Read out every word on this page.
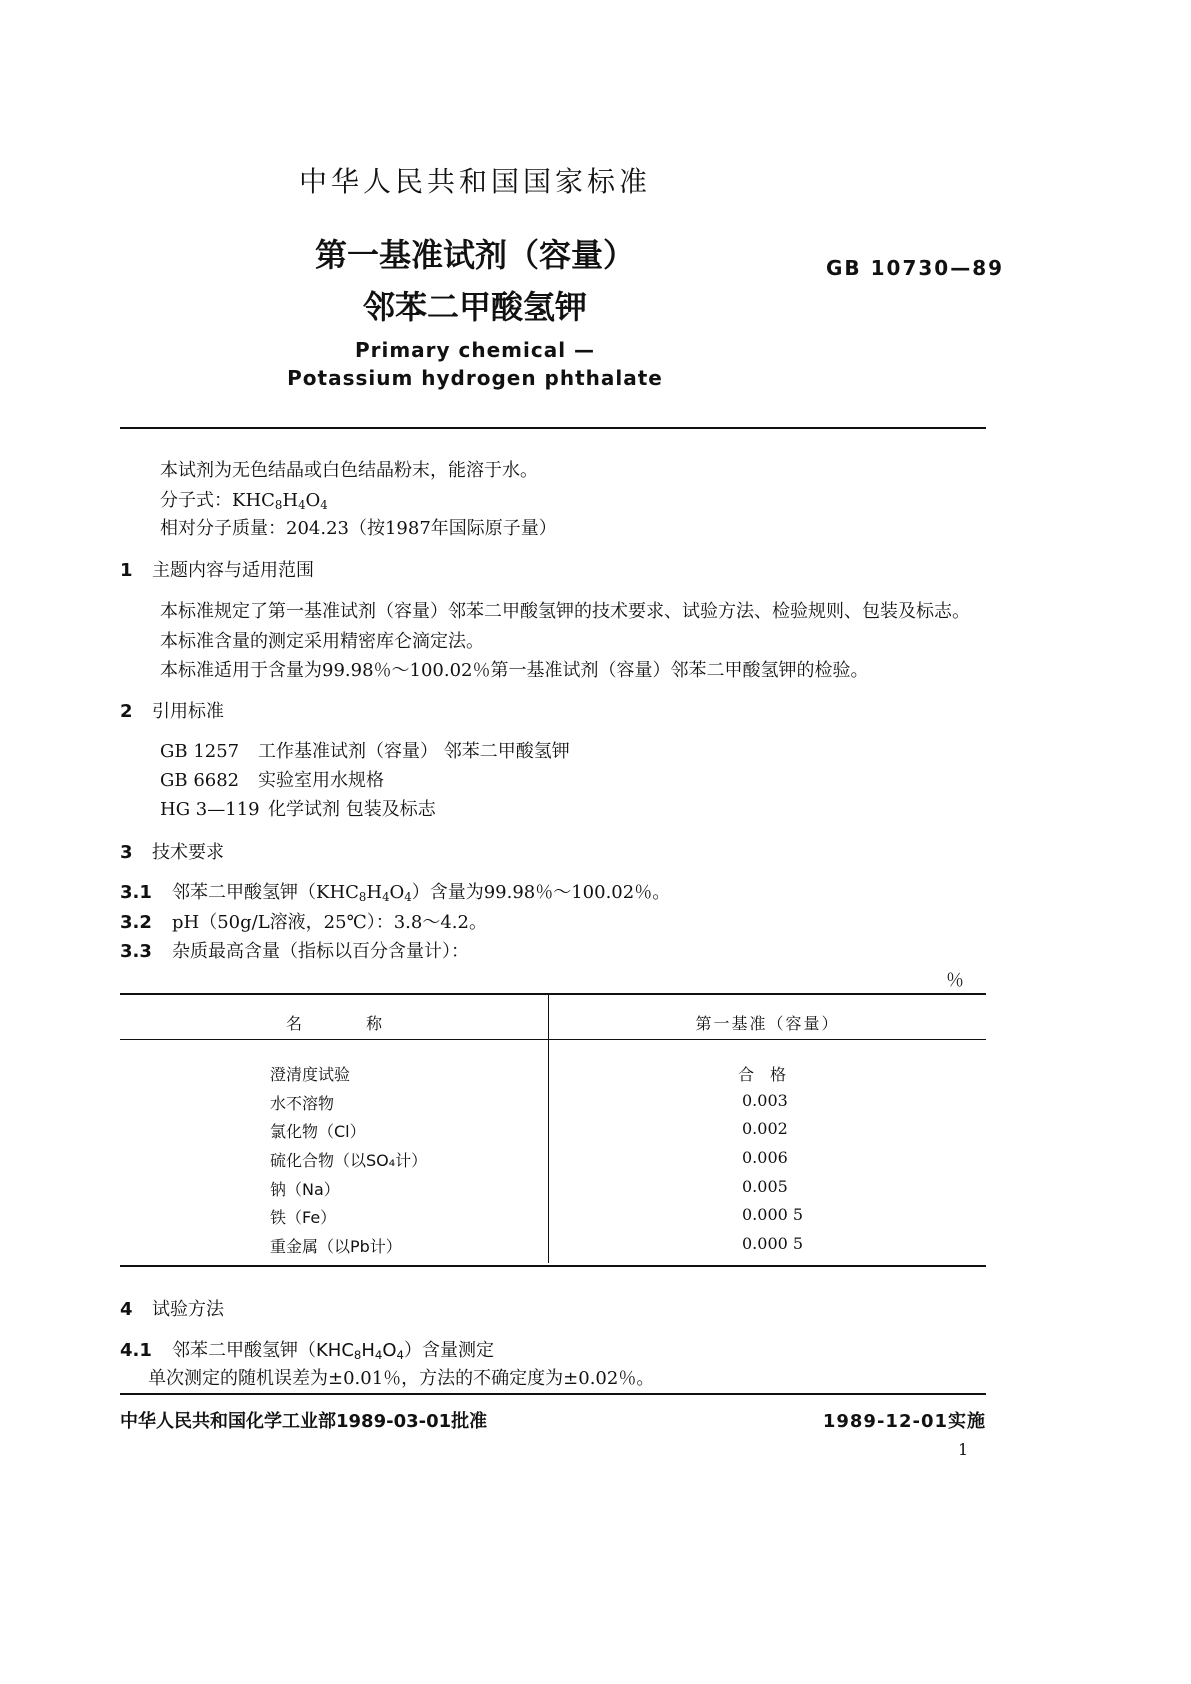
中华人民共和国国家标准
第一基准试剂（容量）
邻苯二甲酸氢钾
GB 10730—89
Primary chemical —
Potassium hydrogen phthalate
本试剂为无色结晶或白色结晶粉末，能溶于水。
分子式：$KHC_8H_4O_4$
相对分子质量：204.23（按1987年国际原子量）
1 主题内容与适用范围
本标准规定了第一基准试剂（容量）邻苯二甲酸氢钾的技术要求、试验方法、检验规则、包装及标志。
本标准含量的测定采用精密库仑滴定法。
本标准适用于含量为99.98％～100.02％第一基准试剂（容量）邻苯二甲酸氢钾的检验。
2 引用标准
GB 1257 工作基准试剂（容量） 邻苯二甲酸氢钾
GB 6682 实验室用水规格
HG 3—119 化学试剂 包装及标志
3 技术要求
3.1 邻苯二甲酸氢钾$(KHC_8H_4O_4)$含量为99.98％～100.02％。
3.2 pH（50g/L溶液，25℃）：3.8～4.2。
3.3 杂质最高含量（指标以百分含量计）：
％
名　　　　称	第一基准（容量）
澄清度试验	合　格
水不溶物	0.003
氯化物（Cl）	0.002
硫化合物（以SO₄计）	0.006
钠（Na）	0.005
铁（Fe）	0.000 5
重金属（以Pb计）	0.000 5
4 试验方法
4.1 邻苯二甲酸氢钾$(KHC_8H_4O_4)$含量测定
单次测定的随机误差为±0.01％，方法的不确定度为±0.02％。
中华人民共和国化学工业部1989-03-01批准	1989-12-01实施
1
